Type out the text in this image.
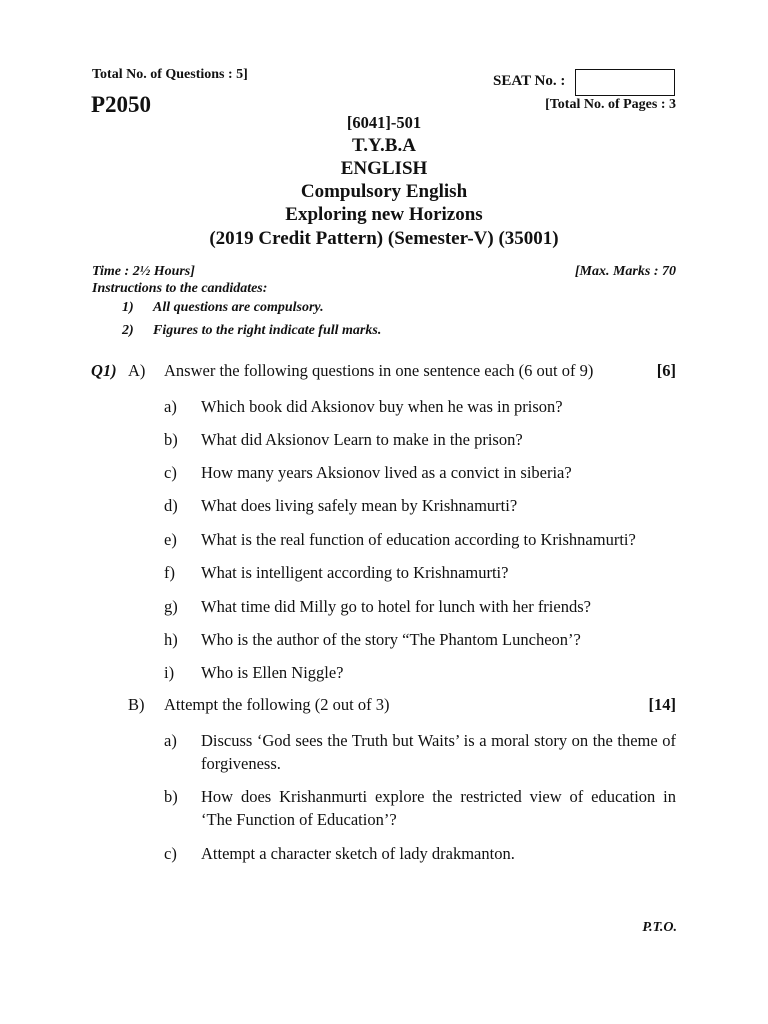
Total No. of Questions : 5]	SEAT No. :
P2050	[Total No. of Pages : 3
[6041]-501
T.Y.B.A
ENGLISH
Compulsory English
Exploring new Horizons
(2019 Credit Pattern) (Semester-V) (35001)
Time : 2½ Hours]	[Max. Marks : 70
Instructions to the candidates:
1) All questions are compulsory.
2) Figures to the right indicate full marks.
Q1) A) Answer the following questions in one sentence each (6 out of 9)	[6]
a) Which book did Aksionov buy when he was in prison?
b) What did Aksionov Learn to make in the prison?
c) How many years Aksionov lived as a convict in siberia?
d) What does living safely mean by Krishnamurti?
e) What is the real function of education according to Krishnamurti?
f) What is intelligent according to Krishnamurti?
g) What time did Milly go to hotel for lunch with her friends?
h) Who is the author of the story “The Phantom Luncheon’?
i) Who is Ellen Niggle?
B) Attempt the following (2 out of 3)	[14]
a) Discuss ‘God sees the Truth but Waits’ is a moral story on the theme of forgiveness.
b) How does Krishanmurti explore the restricted view of education in ‘The Function of Education’?
c) Attempt a character sketch of lady drakmanton.
P.T.O.
